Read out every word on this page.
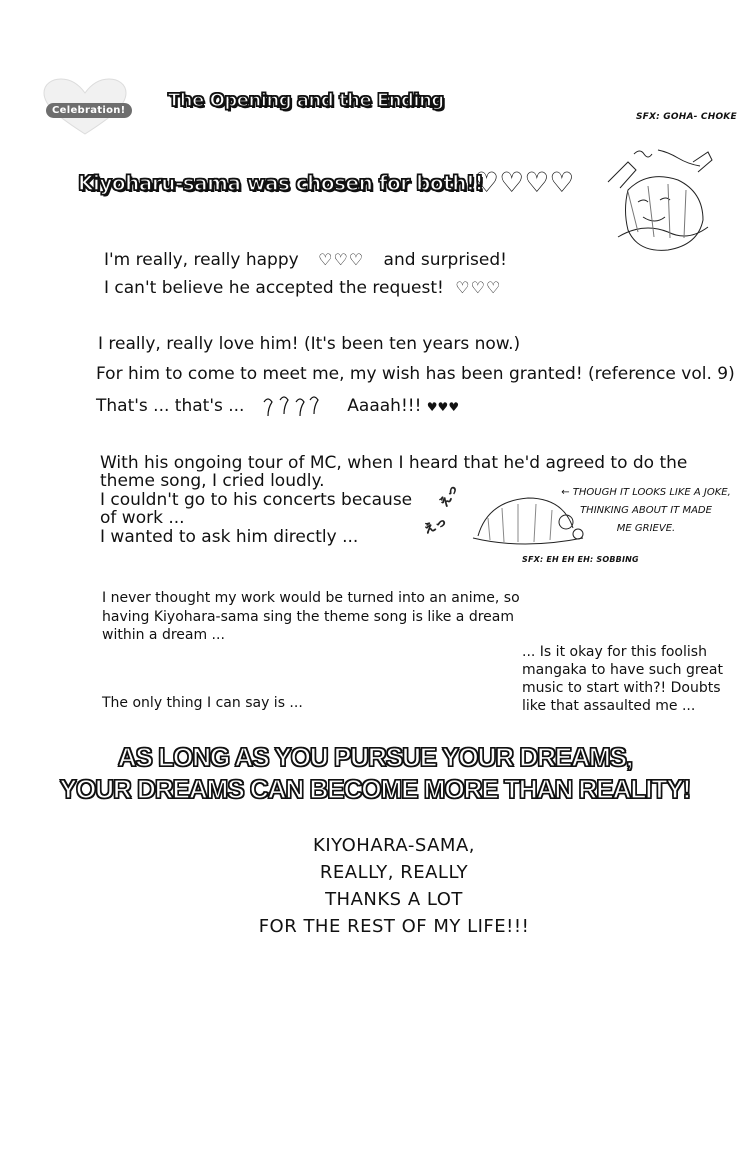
Celebration!	The Opening and the Ending
SFX: GOHA- CHOKE
Kiyoharu-sama was chosen for both!!
♡♡♡♡
I'm really, really happy ♡♡♡ and surprised!
I can't believe he accepted the request! ♡♡♡
I really, really love him! (It's been ten years now.)
For him to come to meet me, my wish has been granted! (reference vol. 9)
That's ... that's ...	Aaaah!!! ♥♥♥
With his ongoing tour of MC, when I heard that he'd agreed to do the
theme song, I cried loudly.
I couldn't go to his concerts because
of work ...
I wanted to ask him directly ...
えっ
えっ	← THOUGH IT LOOKS LIKE A JOKE,
THINKING ABOUT IT MADE
ME GRIEVE.
SFX: EH EH EH: SOBBING
I never thought my work would be turned into an anime, so
having Kiyohara-sama sing the theme song is like a dream
within a dream ...
... Is it okay for this foolish
mangaka to have such great
music to start with?! Doubts
like that assaulted me ...
The only thing I can say is ...
AS LONG AS YOU PURSUE YOUR DREAMS,
YOUR DREAMS CAN BECOME MORE THAN REALITY!
KIYOHARA-SAMA,
REALLY, REALLY
THANKS A LOT
FOR THE REST OF MY LIFE!!!
